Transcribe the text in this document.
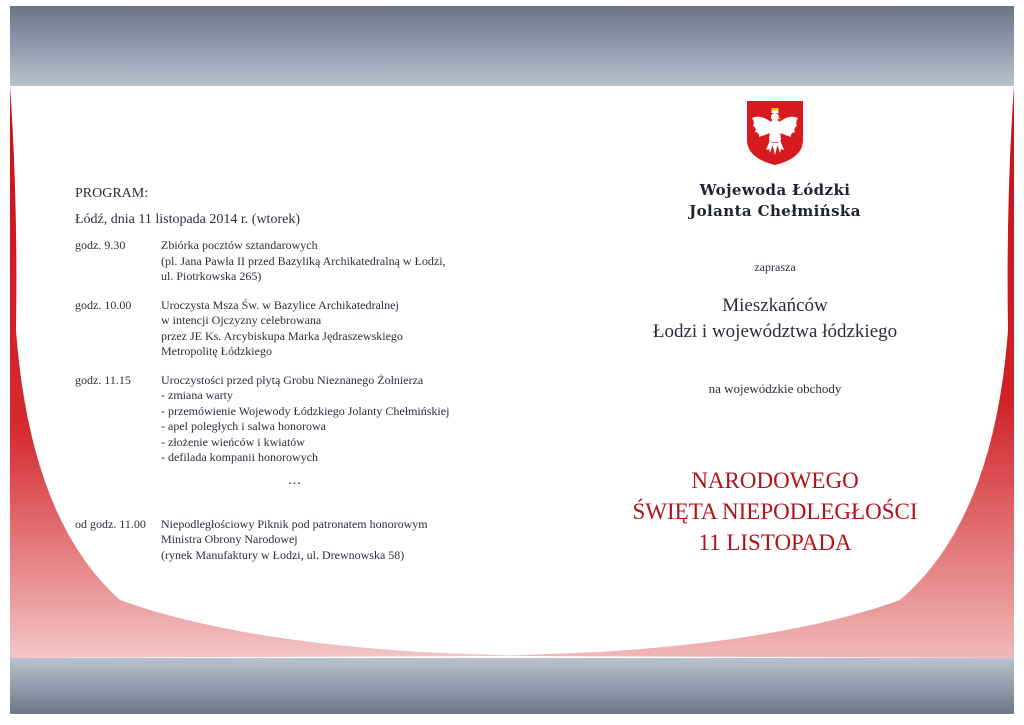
PROGRAM:
Łódź, dnia 11 listopada 2014 r. (wtorek)
godz. 9.30	Zbiórka pocztów sztandarowych
(pl. Jana Pawła II przed Bazyliką Archikatedralną w Łodzi,
ul. Piotrkowska 265)
godz. 10.00	Uroczysta Msza Św. w Bazylice Archikatedralnej
w intencji Ojczyzny celebrowana
przez JE Ks. Arcybiskupa Marka Jędraszewskiego
Metropolitę Łódzkiego
godz. 11.15	Uroczystości przed płytą Grobu Nieznanego Żołnierza
- zmiana warty
- przemówienie Wojewody Łódzkiego Jolanty Chełmińskiej
- apel poległych i salwa honorowa
- złożenie wieńców i kwiatów
- defilada kompanii honorowych
...
od godz. 11.00	Niepodległościowy Piknik pod patronatem honorowym
Ministra Obrony Narodowej
(rynek Manufaktury w Łodzi, ul. Drewnowska 58)
Wojewoda Łódzki
Jolanta Chełmińska
zaprasza
Mieszkańców
Łodzi i województwa łódzkiego
na wojewódzkie obchody
NARODOWEGO
ŚWIĘTA NIEPODLEGŁOŚCI
11 LISTOPADA
